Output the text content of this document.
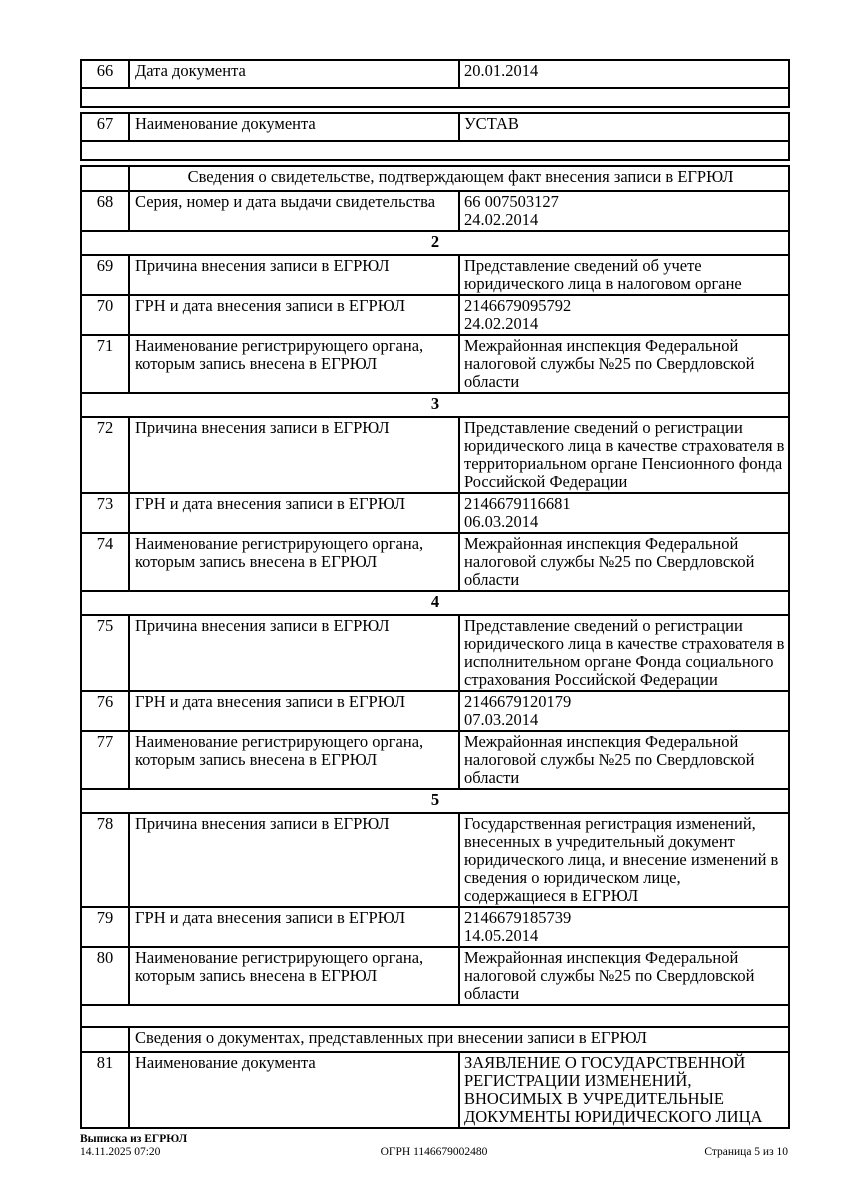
66	Дата документа	20.01.2014

67	Наименование документа	УСТАВ

	Сведения о свидетельстве, подтверждающем факт внесения записи в ЕГРЮЛ	
68	Серия, номер и дата выдачи свидетельства	66 007503127
24.02.2014

2		
69	Причина внесения записи в ЕГРЮЛ	Представление сведений об учете юридического лица в налоговом органе
70	ГРН и дата внесения записи в ЕГРЮЛ	2146679095792
24.02.2014

71	Наименование регистрирующего органа, которым запись внесена в ЕГРЮЛ	Межрайонная инспекция Федеральной налоговой службы №25 по Свердловской области
3		
72	Причина внесения записи в ЕГРЮЛ	Представление сведений о регистрации юридического лица в качестве страхователя в территориальном органе Пенсионного фонда Российской Федерации
73	ГРН и дата внесения записи в ЕГРЮЛ	2146679116681
06.03.2014

74	Наименование регистрирующего органа, которым запись внесена в ЕГРЮЛ	Межрайонная инспекция Федеральной налоговой службы №25 по Свердловской области
4		
75	Причина внесения записи в ЕГРЮЛ	Представление сведений о регистрации юридического лица в качестве страхователя в исполнительном органе Фонда социального страхования Российской Федерации
76	ГРН и дата внесения записи в ЕГРЮЛ	2146679120179
07.03.2014

77	Наименование регистрирующего органа, которым запись внесена в ЕГРЮЛ	Межрайонная инспекция Федеральной налоговой службы №25 по Свердловской области
5		
78	Причина внесения записи в ЕГРЮЛ	Государственная регистрация изменений, внесенных в учредительный документ юридического лица, и внесение изменений в сведения о юридическом лице, содержащиеся в ЕГРЮЛ
79	ГРН и дата внесения записи в ЕГРЮЛ	2146679185739
14.05.2014

80	Наименование регистрирующего органа, которым запись внесена в ЕГРЮЛ	Межрайонная инспекция Федеральной налоговой службы №25 по Свердловской области

	Сведения о документах, представленных при внесении записи в ЕГРЮЛ	
81	Наименование документа	ЗАЯВЛЕНИЕ О ГОСУДАРСТВЕННОЙ РЕГИСТРАЦИИ ИЗМЕНЕНИЙ, ВНОСИМЫХ В УЧРЕДИТЕЛЬНЫЕ ДОКУМЕНТЫ ЮРИДИЧЕСКОГО ЛИЦА
Выписка из ЕГРЮЛ
14.11.2025 07:20	ОГРН 1146679002480	Страница 5 из 10
